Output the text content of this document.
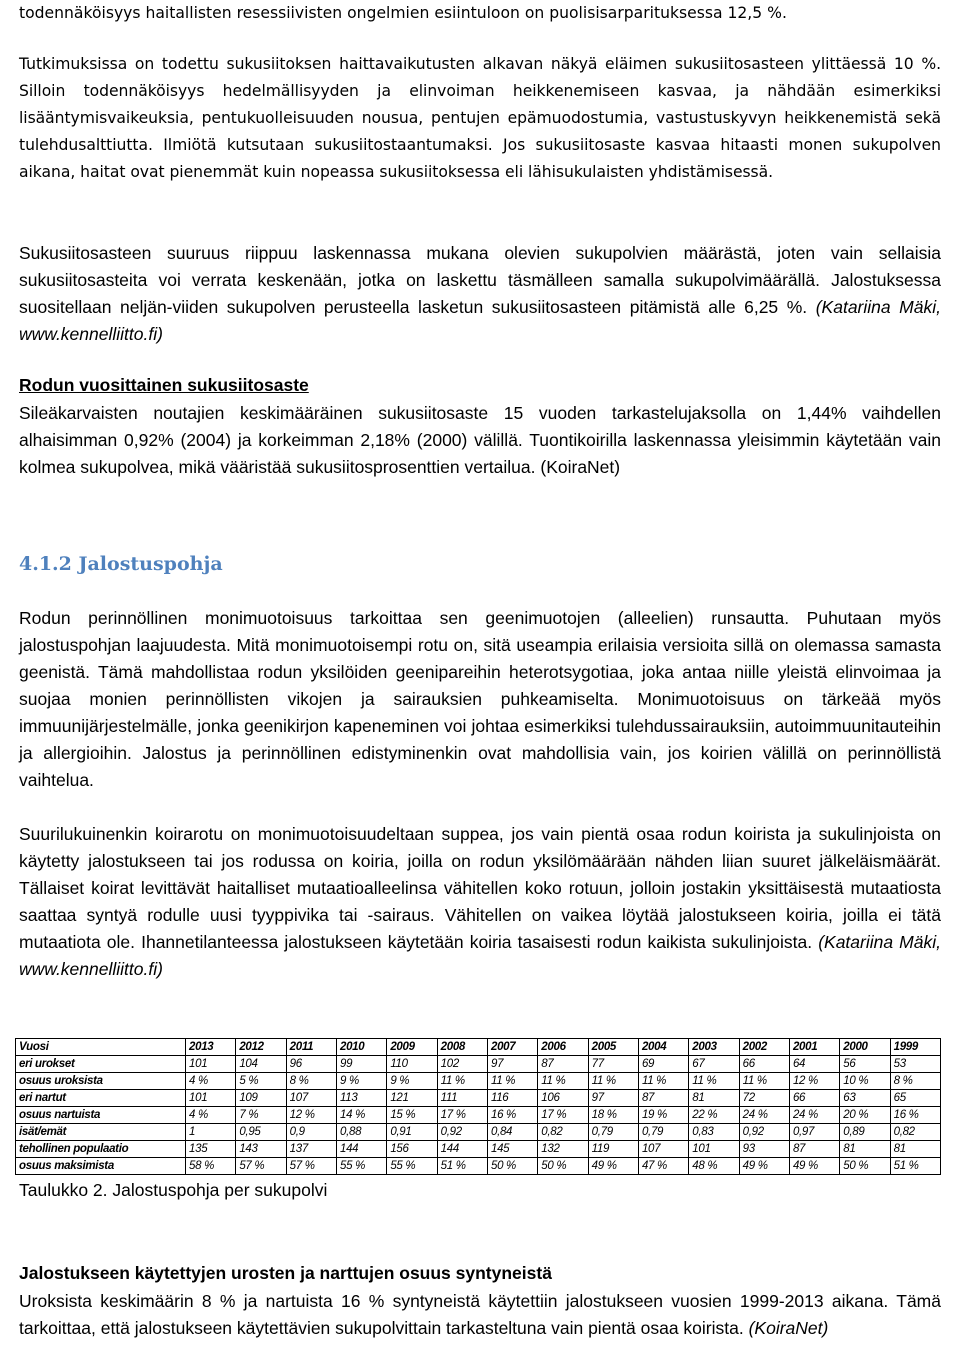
todennäköisyys haitallisten resessiivisten ongelmien esiintuloon on puolisisarparituksessa 12,5 %.

Tutkimuksissa on todettu sukusiitoksen haittavaikutusten alkavan näkyä eläimen sukusiitosasteen ylittäessä 10 %. Silloin todennäköisyys hedelmällisyyden ja elinvoiman heikkenemiseen kasvaa, ja nähdään esimerkiksi lisääntymisvaikeuksia, pentukuolleisuuden nousua, pentujen epämuodostumia, vastustuskyvyn heikkenemistä sekä tulehdusalttiutta. Ilmiötä kutsutaan sukusiitostaantumaksi. Jos sukusiitosaste kasvaa hitaasti monen sukupolven aikana, haitat ovat pienemmät kuin nopeassa sukusiitoksessa eli lähisukulaisten yhdistämisessä.

Sukusiitosasteen suuruus riippuu laskennassa mukana olevien sukupolvien määrästä, joten vain sellaisia sukusiitosasteita voi verrata keskenään, jotka on laskettu täsmälleen samalla sukupolvimäärällä. Jalostuksessa suositellaan neljän-viiden sukupolven perusteella lasketun sukusiitosasteen pitämistä alle 6,25 %. (Katariina Mäki, www.kennelliitto.fi)

Rodun vuosittainen sukusiitosaste

Sileäkarvaisten noutajien keskimääräinen sukusiitosaste 15 vuoden tarkastelujaksolla on 1,44% vaihdellen alhaisimman 0,92% (2004) ja korkeimman 2,18% (2000) välillä. Tuontikoirilla laskennassa yleisimmin käytetään vain kolmea sukupolvea, mikä vääristää sukusiitosprosenttien vertailua. (KoiraNet)

4.1.2 Jalostuspohja

Rodun perinnöllinen monimuotoisuus tarkoittaa sen geenimuotojen (alleelien) runsautta. Puhutaan myös jalostuspohjan laajuudesta. Mitä monimuotoisempi rotu on, sitä useampia erilaisia versioita sillä on olemassa samasta geenistä. Tämä mahdollistaa rodun yksilöiden geenipareihin heterotsygotiaa, joka antaa niille yleistä elinvoimaa ja suojaa monien perinnöllisten vikojen ja sairauksien puhkeamiselta. Monimuotoisuus on tärkeää myös immuunijärjestelmälle, jonka geenikirjon kapeneminen voi johtaa esimerkiksi tulehdussairauksiin, autoimmuunitauteihin ja allergioihin. Jalostus ja perinnöllinen edistyminenkin ovat mahdollisia vain, jos koirien välillä on perinnöllistä vaihtelua.

Suurilukuinenkin koirarotu on monimuotoisuudeltaan suppea, jos vain pientä osaa rodun koirista ja sukulinjoista on käytetty jalostukseen tai jos rodussa on koiria, joilla on rodun yksilömäärään nähden liian suuret jälkeläismäärät. Tällaiset koirat levittävät haitalliset mutaatioalleelinsa vähitellen koko rotuun, jolloin jostakin yksittäisestä mutaatiosta saattaa syntyä rodulle uusi tyyppivika tai -sairaus. Vähitellen on vaikea löytää jalostukseen koiria, joilla ei tätä mutaatiota ole. Ihannetilanteessa jalostukseen käytetään koiria tasaisesti rodun kaikista sukulinjoista. (Katariina Mäki, www.kennelliitto.fi)

Vuosi	2013	2012	2011	2010	2009	2008	2007	2006	2005	2004	2003	2002	2001	2000	1999
eri urokset	101	104	96	99	110	102	97	87	77	69	67	66	64	56	53
osuus uroksista	4 %	5 %	8 %	9 %	9 %	11 %	11 %	11 %	11 %	11 %	11 %	11 %	12 %	10 %	8 %
eri nartut	101	109	107	113	121	111	116	106	97	87	81	72	66	63	65
osuus nartuista	4 %	7 %	12 %	14 %	15 %	17 %	16 %	17 %	18 %	19 %	22 %	24 %	24 %	20 %	16 %
isät/emät	1	0,95	0,9	0,88	0,91	0,92	0,84	0,82	0,79	0,79	0,83	0,92	0,97	0,89	0,82
tehollinen populaatio	135	143	137	144	156	144	145	132	119	107	101	93	87	81	81
osuus maksimista	58 %	57 %	57 %	55 %	55 %	51 %	50 %	50 %	49 %	47 %	48 %	49 %	49 %	50 %	51 %
Taulukko 2. Jalostuspohja per sukupolvi
Jalostukseen käytettyjen urosten ja narttujen osuus syntyneistä

Uroksista keskimäärin 8 % ja nartuista 16 % syntyneistä käytettiin jalostukseen vuosien 1999-2013 aikana. Tämä tarkoittaa, että jalostukseen käytettävien sukupolvittain tarkasteltuna vain pientä osaa koirista. (KoiraNet)
